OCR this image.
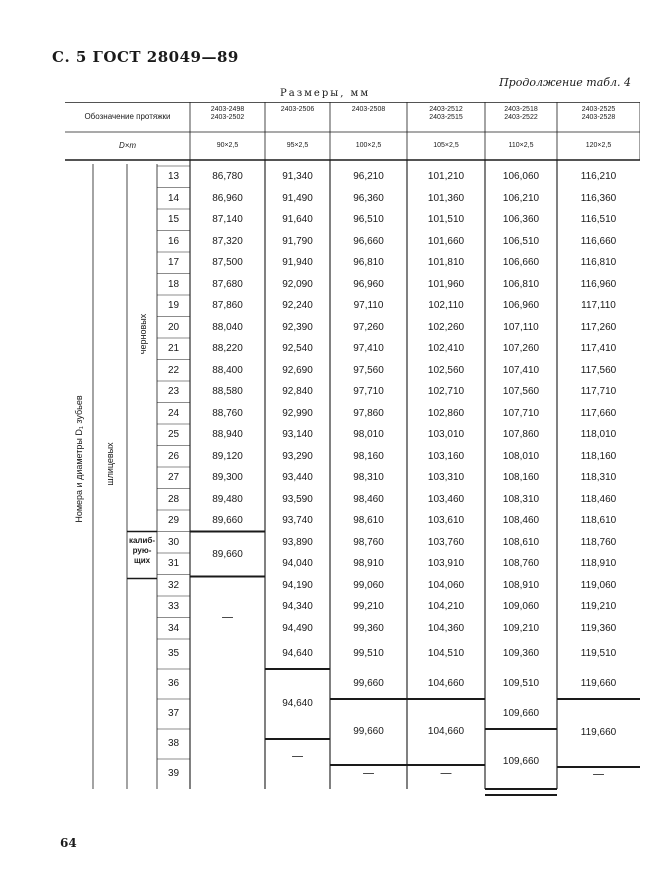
С. 5 ГОСТ 28049—89
Продолжение табл. 4
Размеры, мм
Обозначение протяжки
D×m
2403-2498
2403-2502
90×2,5
2403-2506
95×2,5
2403-2508
100×2,5
2403-2512
2403-2515
105×2,5
2403-2518
2403-2522
110×2,5
2403-2525
2403-2528
120×2,5
Номера и диаметры D₁ зубьев шлицевых
черновых
калиб-
рую-
щих
13
14
15
16
17
18
19
20
21
22
23
24
25
26
27
28
29
30
31
32
33
34
35
36
37
38
39
86,780
86,960
87,140
87,320
87,500
87,680
87,860
88,040
88,220
88,400
88,580
88,760
88,940
89,120
89,300
89,480
89,660
89,660
—
91,340
91,490
91,640
91,790
91,940
92,090
92,240
92,390
92,540
92,690
92,840
92,990
93,140
93,290
93,440
93,590
93,740
93,890
94,040
94,190
94,340
94,490
94,640
94,640
—
96,210
96,360
96,510
96,660
96,810
96,960
97,110
97,260
97,410
97,560
97,710
97,860
98,010
98,160
98,310
98,460
98,610
98,760
98,910
99,060
99,210
99,360
99,510
99,660
99,660
—
101,210
101,360
101,510
101,660
101,810
101,960
102,110
102,260
102,410
102,560
102,710
102,860
103,010
103,160
103,310
103,460
103,610
103,760
103,910
104,060
104,210
104,360
104,510
104,660
104,660
—
106,060
106,210
106,360
106,510
106,660
106,810
106,960
107,110
107,260
107,410
107,560
107,710
107,860
108,010
108,160
108,310
108,460
108,610
108,760
108,910
109,060
109,210
109,360
109,510
109,660
109,660
116,210
116,360
116,510
116,660
116,810
116,960
117,110
117,260
117,410
117,560
117,710
117,660
118,010
118,160
118,310
118,460
118,610
118,760
118,910
119,060
119,210
119,360
119,510
119,660
119,660
—
64
